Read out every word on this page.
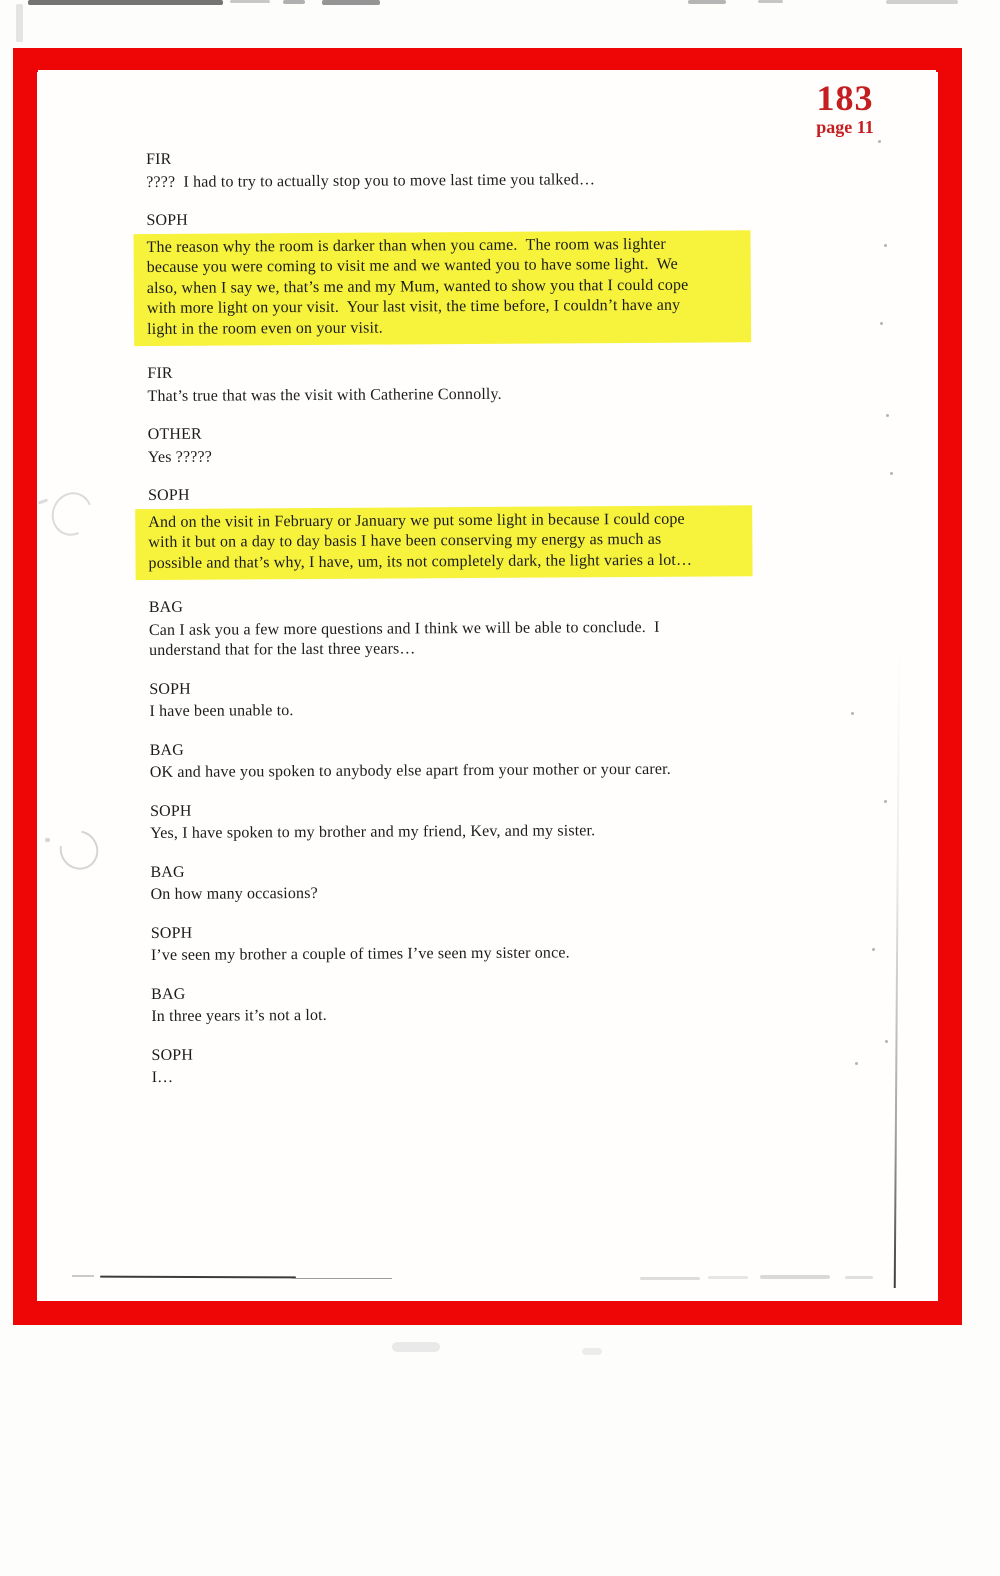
183
page 11
FIR
????  I had to try to actually stop you to move last time you talked…
SOPH
The reason why the room is darker than when you came.  The room was lighter
because you were coming to visit me and we wanted you to have some light.  We
also, when I say we, that’s me and my Mum, wanted to show you that I could cope
with more light on your visit.  Your last visit, the time before, I couldn’t have any
light in the room even on your visit.
FIR
That’s true that was the visit with Catherine Connolly.
OTHER
Yes ?????
SOPH
And on the visit in February or January we put some light in because I could cope
with it but on a day to day basis I have been conserving my energy as much as
possible and that’s why, I have, um, its not completely dark, the light varies a lot…
BAG
Can I ask you a few more questions and I think we will be able to conclude.  I
understand that for the last three years…
SOPH
I have been unable to.
BAG
OK and have you spoken to anybody else apart from your mother or your carer.
SOPH
Yes, I have spoken to my brother and my friend, Kev, and my sister.
BAG
On how many occasions?
SOPH
I’ve seen my brother a couple of times I’ve seen my sister once.
BAG
In three years it’s not a lot.
SOPH
I…
